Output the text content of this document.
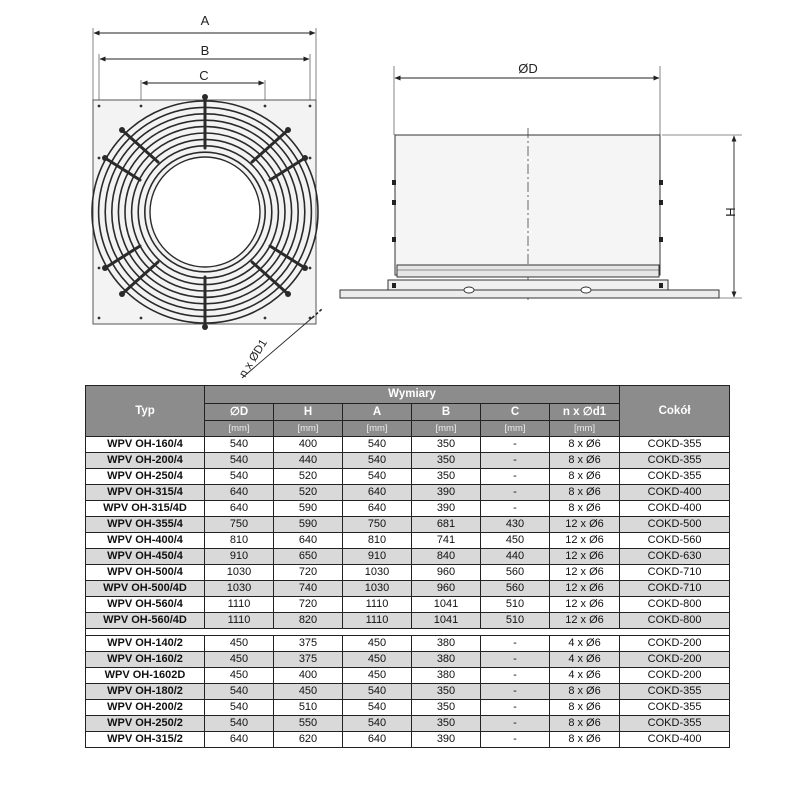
A
B
C
n x ØD1
ØD
H
Typ	Wymiary						Cokół
	∅D	H	A	B	C	n x ∅d1	
	[mm]	[mm]	[mm]	[mm]	[mm]	[mm]	
WPV OH-160/4	540	400	540	350	-	8 x Ø6	COKD-355
WPV OH-200/4	540	440	540	350	-	8 x Ø6	COKD-355
WPV OH-250/4	540	520	540	350	-	8 x Ø6	COKD-355
WPV OH-315/4	640	520	640	390	-	8 x Ø6	COKD-400
WPV OH-315/4D	640	590	640	390	-	8 x Ø6	COKD-400
WPV OH-355/4	750	590	750	681	430	12 x Ø6	COKD-500
WPV OH-400/4	810	640	810	741	450	12 x Ø6	COKD-560
WPV OH-450/4	910	650	910	840	440	12 x Ø6	COKD-630
WPV OH-500/4	1030	720	1030	960	560	12 x Ø6	COKD-710
WPV OH-500/4D	1030	740	1030	960	560	12 x Ø6	COKD-710
WPV OH-560/4	1110	720	1110	1041	510	12 x Ø6	COKD-800
WPV OH-560/4D	1110	820	1110	1041	510	12 x Ø6	COKD-800

WPV OH-140/2	450	375	450	380	-	4 x Ø6	COKD-200
WPV OH-160/2	450	375	450	380	-	4 x Ø6	COKD-200
WPV OH-1602D	450	400	450	380	-	4 x Ø6	COKD-200
WPV OH-180/2	540	450	540	350	-	8 x Ø6	COKD-355
WPV OH-200/2	540	510	540	350	-	8 x Ø6	COKD-355
WPV OH-250/2	540	550	540	350	-	8 x Ø6	COKD-355
WPV OH-315/2	640	620	640	390	-	8 x Ø6	COKD-400
